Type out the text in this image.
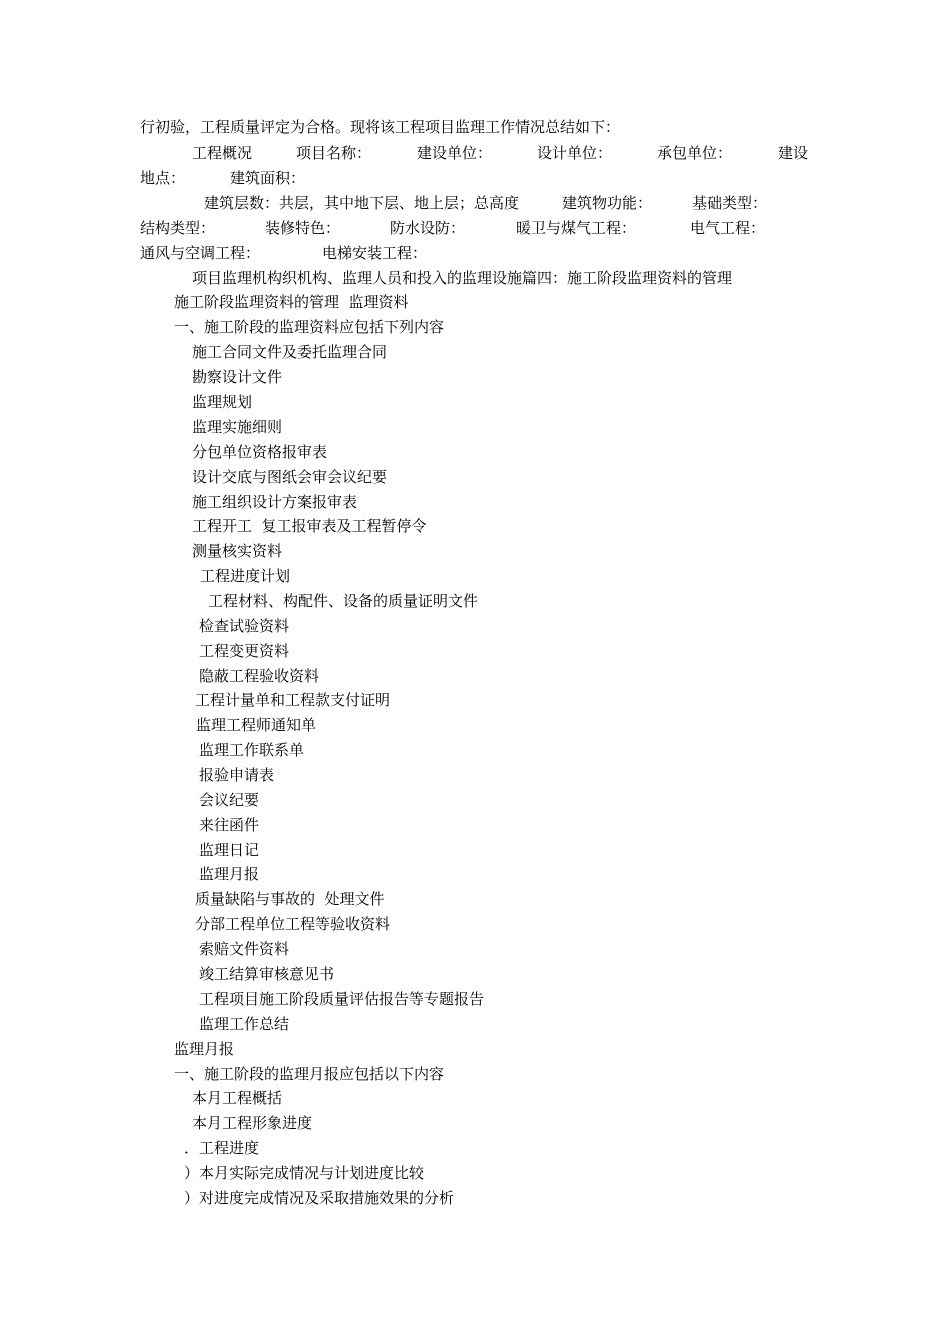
行初验，工程质量评定为合格。现将该工程项目监理工作情况总结如下：

工程概况

	项目名称：

	建设单位：

	设计单位：

	承包单位：

	建设

地点：

	建筑面积：

建筑层数：共层，其中地下层、地上层；总高度

	建筑物功能：

	基础类型：

结构类型：

	装修特色：

	防水设防：

	暖卫与煤气工程：

	电气工程：

通风与空调工程：

	电梯安装工程：

项目监理机构织机构、监理人员和投入的监理设施篇四：施工阶段监理资料的管理
施工阶段监理资料的管理  监理资料
一、施工阶段的监理资料应包括下列内容
施工合同文件及委托监理合同
勘察设计文件
监理规划
监理实施细则
分包单位资格报审表
设计交底与图纸会审会议纪要
施工组织设计方案报审表
工程开工  复工报审表及工程暂停令
测量核实资料
工程进度计划
工程材料、构配件、设备的质量证明文件
检查试验资料
工程变更资料
隐蔽工程验收资料
工程计量单和工程款支付证明
监理工程师通知单
监理工作联系单
报验申请表
会议纪要
来往函件
监理日记
监理月报
质量缺陷与事故的  处理文件
分部工程单位工程等验收资料
索赔文件资料
竣工结算审核意见书
工程项目施工阶段质量评估报告等专题报告
监理工作总结
监理月报
一、施工阶段的监理月报应包括以下内容
本月工程概括
本月工程形象进度
．工程进度
）本月实际完成情况与计划进度比较
）对进度完成情况及采取措施效果的分析
